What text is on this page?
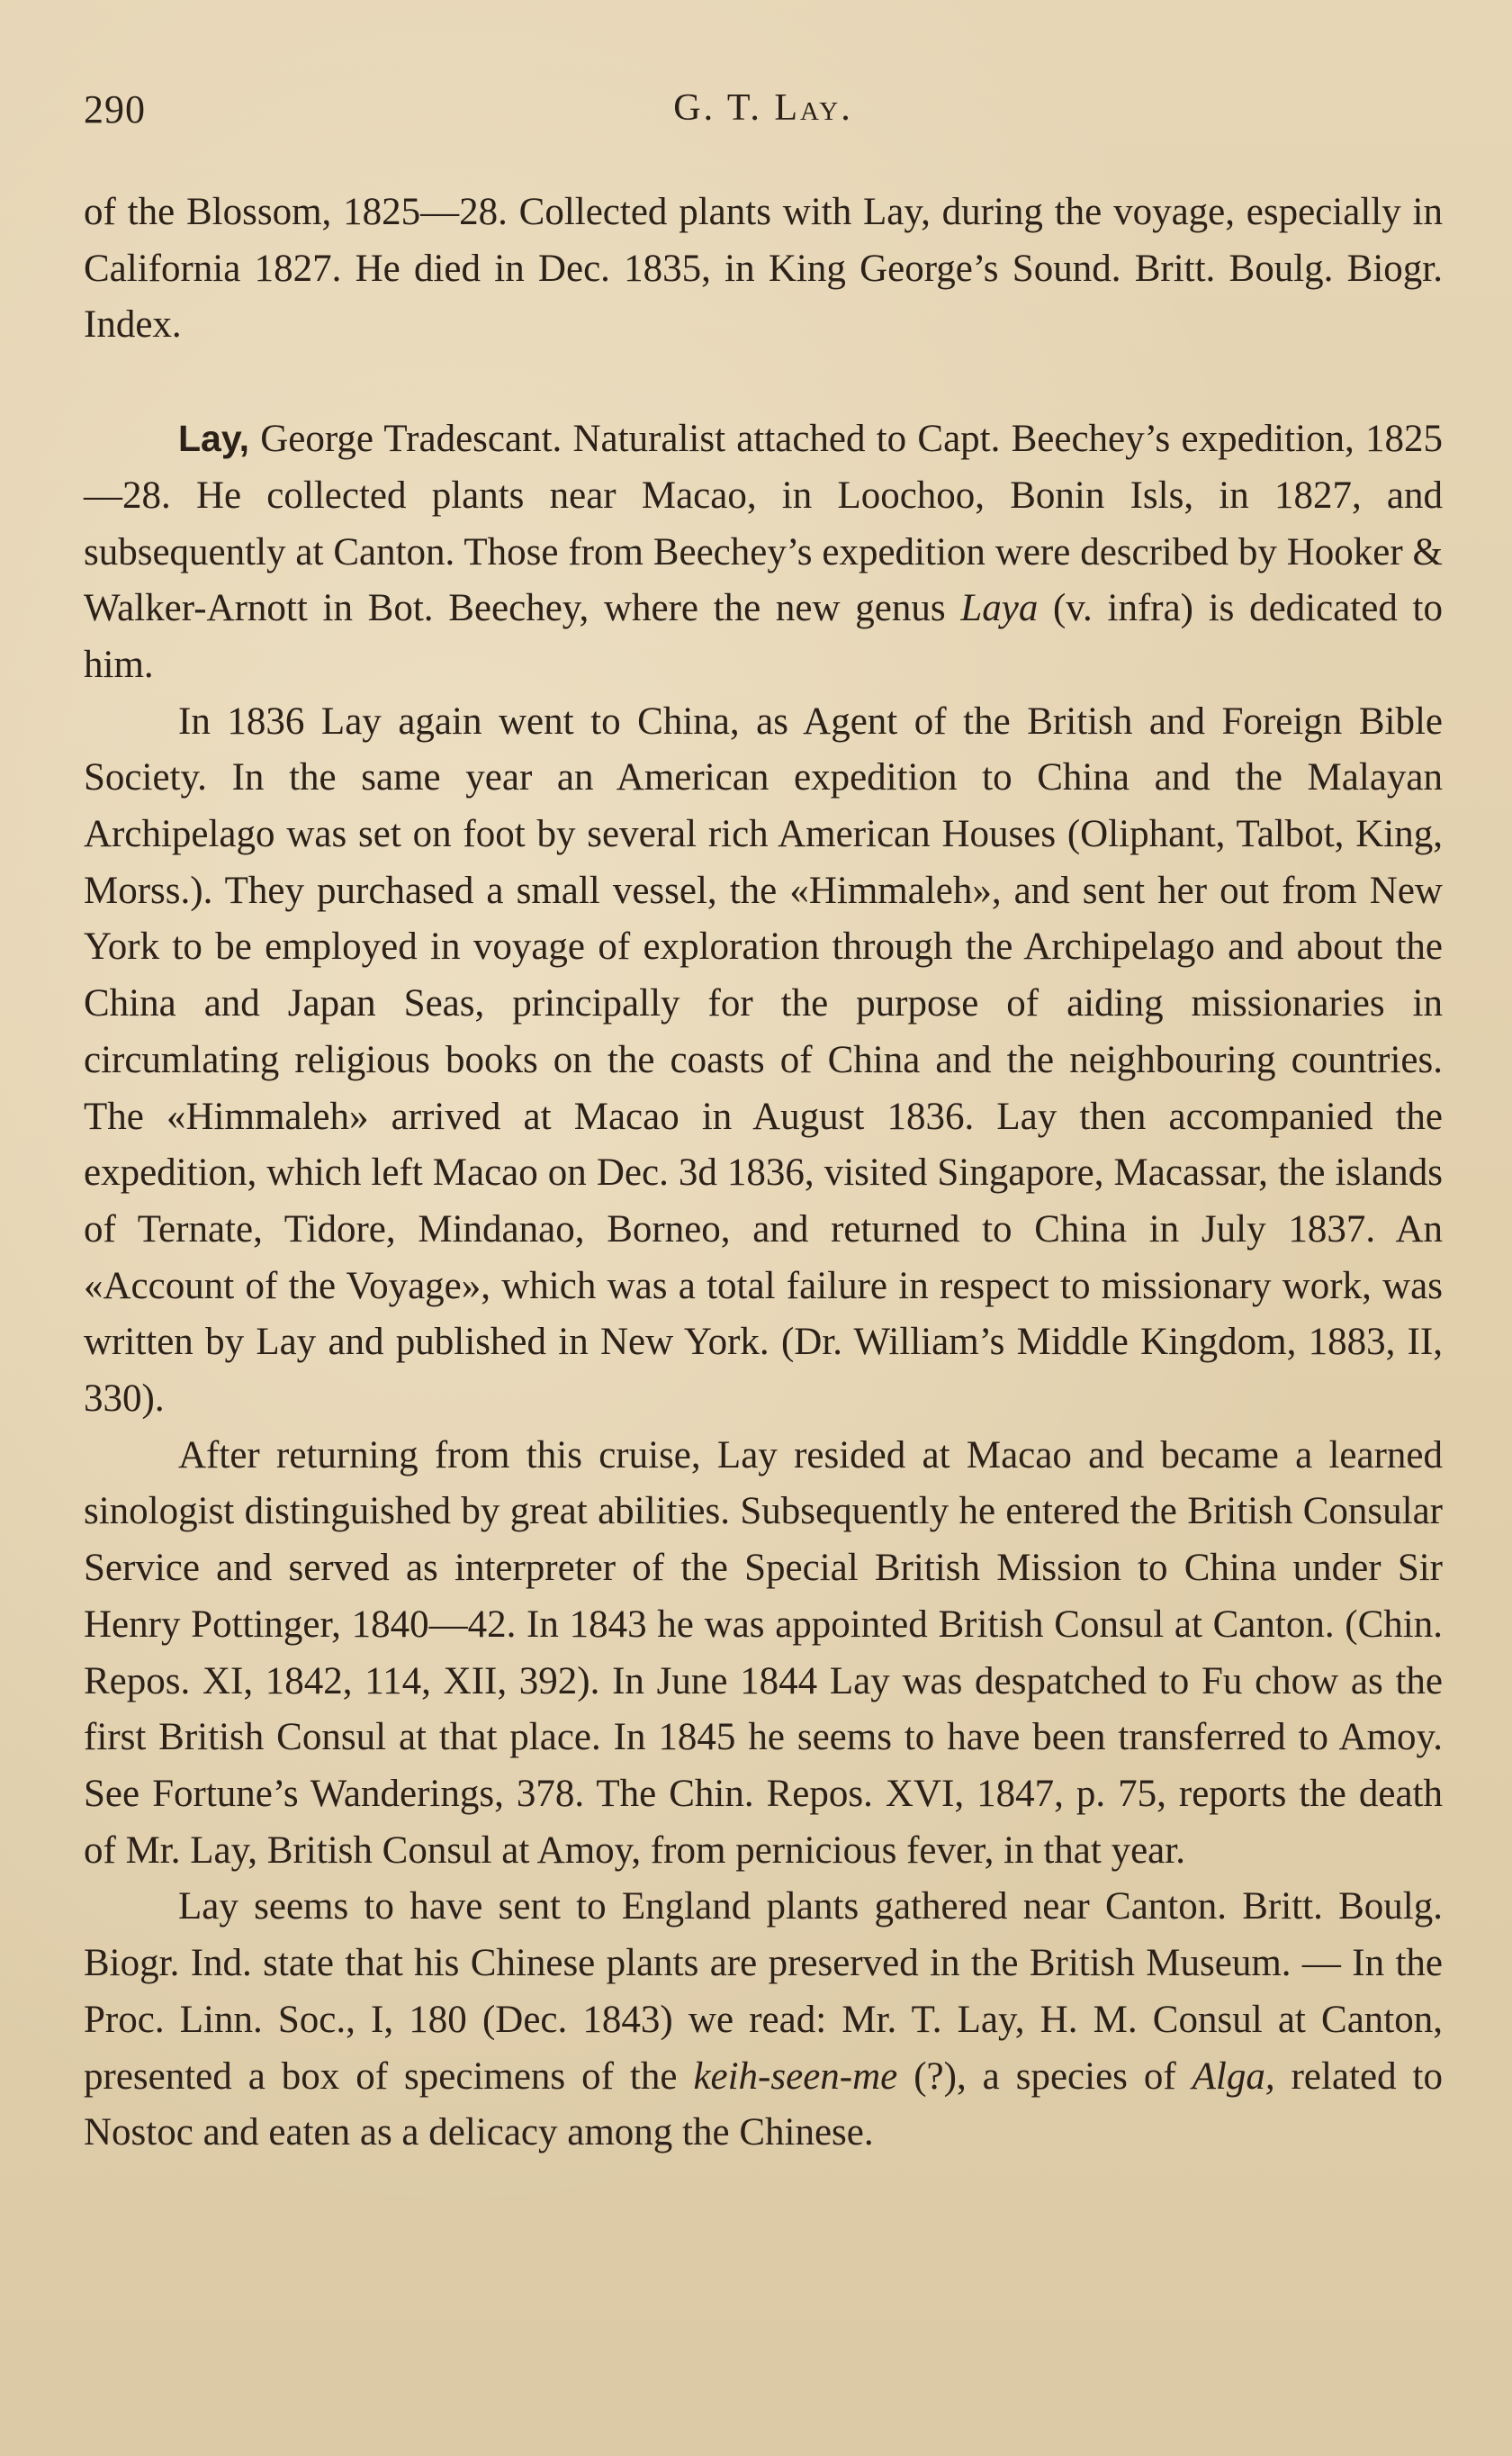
290	G. T. Lay.

of the Blossom, 1825—28. Collected plants with Lay, during the voyage, especially in California 1827. He died in Dec. 1835, in King George’s Sound. Britt. Boulg. Biogr. Index.

Lay, George Tradescant. Naturalist attached to Capt. Beechey’s expedition, 1825—28. He collected plants near Macao, in Loochoo, Bonin Isls, in 1827, and subsequently at Canton. Those from Beechey’s expedition were described by Hooker & Walker-Arnott in Bot. Beechey, where the new genus Laya (v. infra) is dedicated to him.

In 1836 Lay again went to China, as Agent of the British and Foreign Bible Society. In the same year an American expedition to China and the Malayan Archipelago was set on foot by several rich American Houses (Oliphant, Talbot, King, Morss.). They purchased a small vessel, the «Himmaleh», and sent her out from New York to be employed in voyage of exploration through the Archipelago and about the China and Japan Seas, principally for the purpose of aiding missionaries in circumlating religious books on the coasts of China and the neighbouring countries. The «Himmaleh» arrived at Macao in August 1836. Lay then accompanied the expedition, which left Macao on Dec. 3d 1836, visited Singapore, Macassar, the islands of Ternate, Tidore, Mindanao, Borneo, and returned to China in July 1837. An «Account of the Voyage», which was a total failure in respect to missionary work, was written by Lay and published in New York. (Dr. William’s Middle Kingdom, 1883, II, 330).

After returning from this cruise, Lay resided at Macao and became a learned sinologist distinguished by great abilities. Subsequently he entered the British Consular Service and served as interpreter of the Special British Mission to China under Sir Henry Pottinger, 1840—42. In 1843 he was appointed British Consul at Canton. (Chin. Repos. XI, 1842, 114, XII, 392). In June 1844 Lay was despatched to Fu chow as the first British Consul at that place. In 1845 he seems to have been transferred to Amoy. See Fortune’s Wanderings, 378. The Chin. Repos. XVI, 1847, p. 75, reports the death of Mr. Lay, British Consul at Amoy, from pernicious fever, in that year.

Lay seems to have sent to England plants gathered near Canton. Britt. Boulg. Biogr. Ind. state that his Chinese plants are preserved in the British Museum. — In the Proc. Linn. Soc., I, 180 (Dec. 1843) we read: Mr. T. Lay, H. M. Consul at Canton, presented a box of specimens of the keih-seen-me (?), a species of Alga, related to Nostoc and eaten as a delicacy among the Chinese.
